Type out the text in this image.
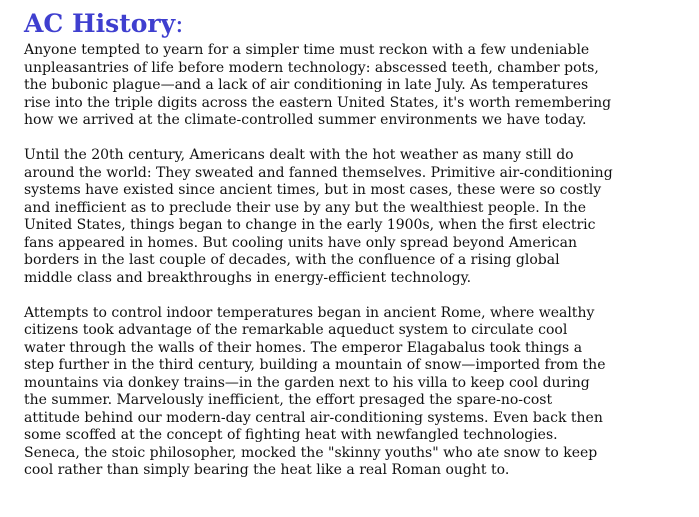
AC History:

Anyone tempted to yearn for a simpler time must reckon with a few undeniable
unpleasantries of life before modern technology: abscessed teeth, chamber pots,
the bubonic plague—and a lack of air conditioning in late July. As temperatures
rise into the triple digits across the eastern United States, it's worth remembering
how we arrived at the climate-controlled summer environments we have today.

Until the 20th century, Americans dealt with the hot weather as many still do
around the world: They sweated and fanned themselves. Primitive air-conditioning
systems have existed since ancient times, but in most cases, these were so costly
and inefficient as to preclude their use by any but the wealthiest people. In the
United States, things began to change in the early 1900s, when the first electric
fans appeared in homes. But cooling units have only spread beyond American
borders in the last couple of decades, with the confluence of a rising global
middle class and breakthroughs in energy-efficient technology.

Attempts to control indoor temperatures began in ancient Rome, where wealthy
citizens took advantage of the remarkable aqueduct system to circulate cool
water through the walls of their homes. The emperor Elagabalus took things a
step further in the third century, building a mountain of snow—imported from the
mountains via donkey trains—in the garden next to his villa to keep cool during
the summer. Marvelously inefficient, the effort presaged the spare-no-cost
attitude behind our modern-day central air-conditioning systems. Even back then
some scoffed at the concept of fighting heat with newfangled technologies.
Seneca, the stoic philosopher, mocked the "skinny youths" who ate snow to keep
cool rather than simply bearing the heat like a real Roman ought to.
